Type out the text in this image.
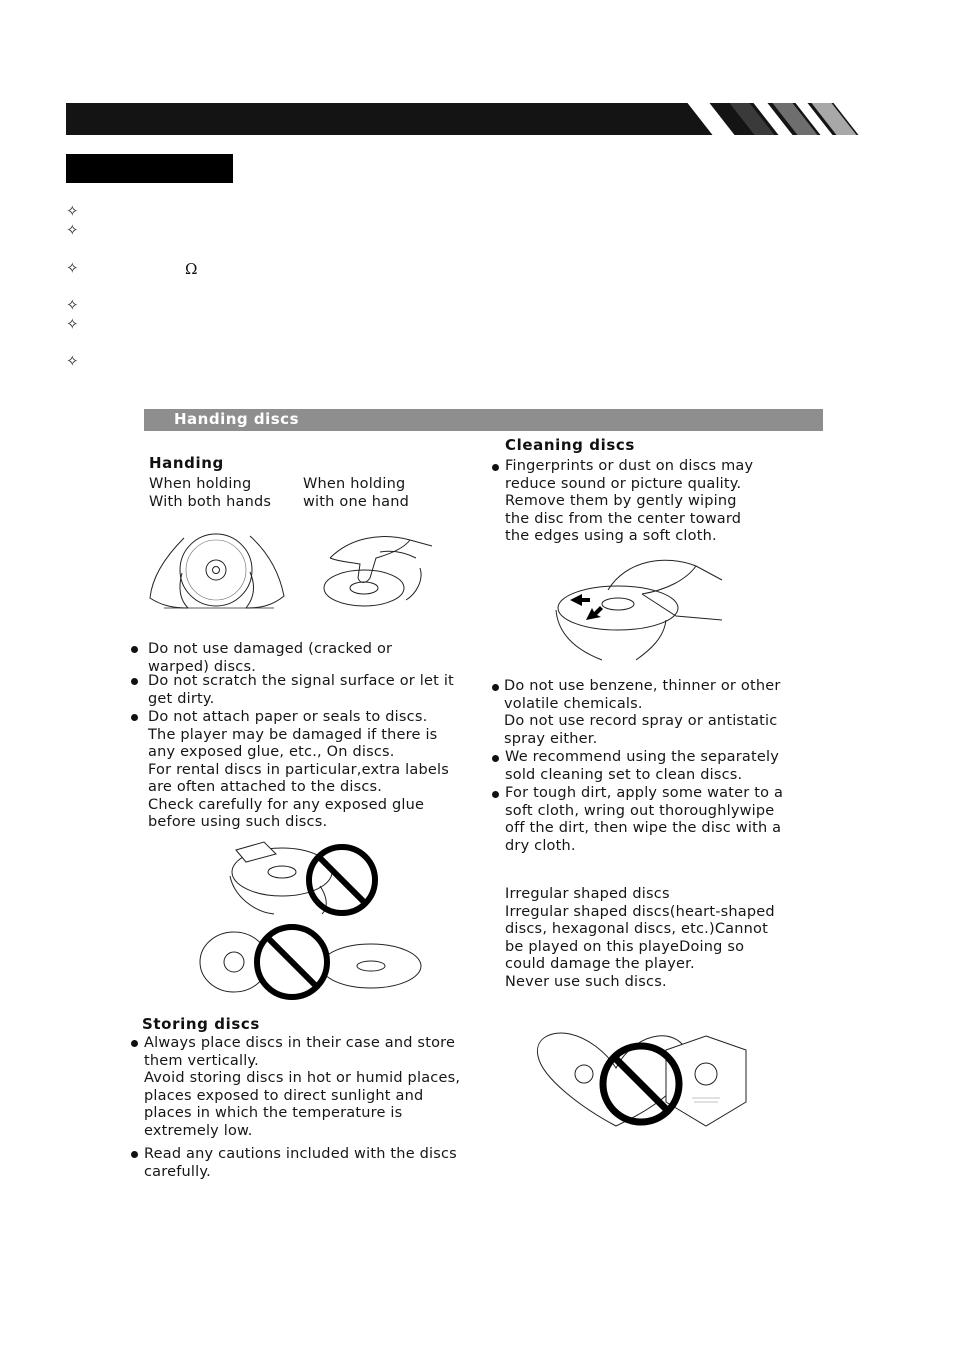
✧
✧
✧
✧
✧
✧
Ω
Handing discs
Handing
When holding
With both hands
When holding
with one hand
Do not use damaged (cracked or
warped) discs.
Do not scratch the signal surface or let it
get dirty.
Do not attach paper or seals to discs.
The player may be damaged if there is
any exposed glue, etc., On discs.
For rental discs in particular,extra labels
are often attached to the discs.
Check carefully for any exposed glue
before using such discs.
Storing discs
Always place discs in their case and store
them vertically.
Avoid storing discs in hot or humid places,
places exposed to direct sunlight and
places in which the temperature is
extremely low.
Read any cautions included with the discs
carefully.
Cleaning discs
Fingerprints or dust on discs may
reduce sound or picture quality.
Remove them by gently wiping
the disc from the center toward
the edges using a soft cloth.
Do not use benzene, thinner or other
volatile chemicals.
Do not use record spray or antistatic
spray either.
We recommend using the separately
sold cleaning set to clean discs.
For tough dirt, apply some water to a
soft cloth, wring out thoroughlywipe
off the dirt, then wipe the disc with a
dry cloth.
Irregular shaped discs
Irregular shaped discs(heart-shaped
discs, hexagonal discs, etc.)Cannot
be played on this playeDoing so
could damage the player.
Never use such discs.
